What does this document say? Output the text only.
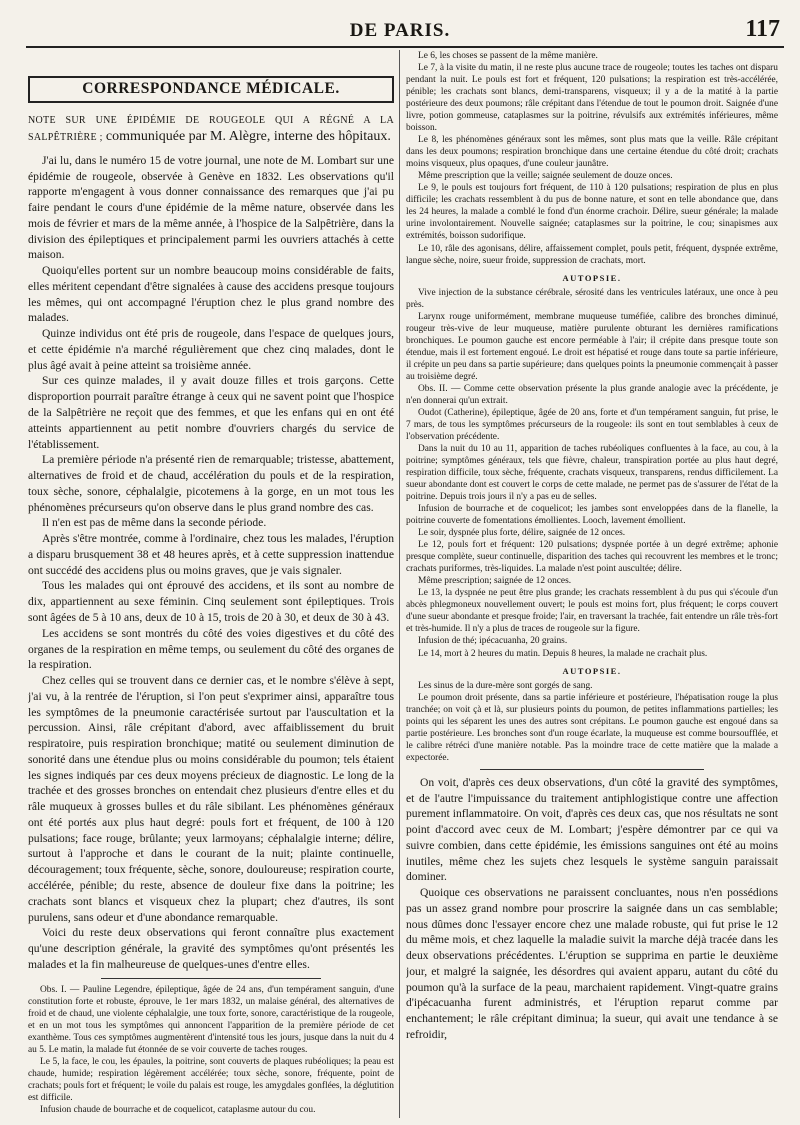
DE PARIS.	117
CORRESPONDANCE MÉDICALE.

NOTE SUR UNE ÉPIDÉMIE DE ROUGEOLE QUI A RÉGNÉ A LA SALPÊTRIÈRE ; communiquée par M. Alègre, interne des hôpitaux.

J'ai lu, dans le numéro 15 de votre journal, une note de M. Lombart sur une épidémie de rougeole, observée à Genève en 1832. Les observations qu'il rapporte m'engagent à vous donner connaissance des remarques que j'ai pu faire pendant le cours d'une épidémie de la même nature, observée dans les mois de février et mars de la même année, à l'hospice de la Salpêtrière, dans la division des épileptiques et principalement parmi les ouvriers attachés à cette maison.

Quoiqu'elles portent sur un nombre beaucoup moins considérable de faits, elles méritent cependant d'être signalées à cause des accidens presque toujours les mêmes, qui ont accompagné l'éruption chez le plus grand nombre des malades.

Quinze individus ont été pris de rougeole, dans l'espace de quelques jours, et cette épidémie n'a marché régulièrement que chez cinq malades, dont le plus âgé avait à peine atteint sa troisième année.

Sur ces quinze malades, il y avait douze filles et trois garçons. Cette disproportion pourrait paraître étrange à ceux qui ne savent point que l'hospice de la Salpêtrière ne reçoit que des femmes, et que les enfans qui en ont été atteints appartiennent au petit nombre d'ouvriers chargés du service de l'établissement.

La première période n'a présenté rien de remarquable; tristesse, abattement, alternatives de froid et de chaud, accélération du pouls et de la respiration, toux sèche, sonore, céphalalgie, picotemens à la gorge, en un mot tous les phénomènes précurseurs qu'on observe dans le plus grand nombre des cas.

Il n'en est pas de même dans la seconde période.

Après s'être montrée, comme à l'ordinaire, chez tous les malades, l'éruption a disparu brusquement 38 et 48 heures après, et à cette suppression inattendue ont succédé des accidens plus ou moins graves, que je vais signaler.

Tous les malades qui ont éprouvé des accidens, et ils sont au nombre de dix, appartiennent au sexe féminin. Cinq seulement sont épileptiques. Trois sont âgées de 5 à 10 ans, deux de 10 à 15, trois de 20 à 30, et deux de 30 à 43.

Les accidens se sont montrés du côté des voies digestives et du côté des organes de la respiration en même temps, ou seulement du côté des organes de la respiration.

Chez celles qui se trouvent dans ce dernier cas, et le nombre s'élève à sept, j'ai vu, à la rentrée de l'éruption, si l'on peut s'exprimer ainsi, apparaître tous les symptômes de la pneumonie caractérisée surtout par l'auscultation et la percussion. Ainsi, râle crépitant d'abord, avec affaiblissement du bruit respiratoire, puis respiration bronchique; matité ou seulement diminution de sonorité dans une étendue plus ou moins considérable du poumon; tels étaient les signes indiqués par ces deux moyens précieux de diagnostic. Le long de la trachée et des grosses bronches on entendait chez plusieurs d'entre elles et du râle muqueux à grosses bulles et du râle sibilant. Les phénomènes généraux ont été portés aux plus haut degré: pouls fort et fréquent, de 100 à 120 pulsations; face rouge, brûlante; yeux larmoyans; céphalalgie interne; délire, surtout à l'approche et dans le courant de la nuit; plainte continuelle, découragement; toux fréquente, sèche, sonore, douloureuse; respiration courte, accélérée, pénible; du reste, absence de douleur fixe dans la poitrine; les crachats sont blancs et visqueux chez la plupart; chez d'autres, ils sont purulens, sans odeur et d'une abondance remarquable.

Voici du reste deux observations qui feront connaître plus exactement qu'une description générale, la gravité des symptômes qu'ont présentés les malades et la fin malheureuse de quelques-unes d'entre elles.

Obs. I. — Pauline Legendre, épileptique, âgée de 24 ans, d'un tempérament sanguin, d'une constitution forte et robuste, éprouve, le 1er mars 1832, un malaise général, des alternatives de froid et de chaud, une violente céphalalgie, une toux forte, sonore, caractéristique de la rougeole, et en un mot tous les symptômes qui annoncent l'apparition de la première période de cet exanthème. Tous ces symptômes augmentèrent d'intensité tous les jours, jusque dans la nuit du 4 au 5. Le matin, la malade fut étonnée de se voir couverte de taches rouges.

Le 5, la face, le cou, les épaules, la poitrine, sont couverts de plaques rubéoliques; la peau est chaude, humide; respiration légèrement accélérée; toux sèche, sonore, fréquente, point de crachats; pouls fort et fréquent; le voile du palais est rouge, les amygdales gonflées, la déglutition est difficile.

Infusion chaude de bourrache et de coquelicot, cataplasme autour du cou.

Le 6, les choses se passent de la même manière.

Le 7, à la visite du matin, il ne reste plus aucune trace de rougeole; toutes les taches ont disparu pendant la nuit. Le pouls est fort et fréquent, 120 pulsations; la respiration est très-accélérée, pénible; les crachats sont blancs, demi-transparens, visqueux; il y a de la matité à la partie postérieure des deux poumons; râle crépitant dans l'étendue de tout le poumon droit. Saignée d'une livre, potion gommeuse, cataplasmes sur la poitrine, révulsifs aux extrémités inférieures, même boisson.

Le 8, les phénomènes généraux sont les mêmes, sont plus mats que la veille. Râle crépitant dans les deux poumons; respiration bronchique dans une certaine étendue du côté droit; crachats moins visqueux, plus opaques, d'une couleur jaunâtre.

Même prescription que la veille; saignée seulement de douze onces.

Le 9, le pouls est toujours fort fréquent, de 110 à 120 pulsations; respiration de plus en plus difficile; les crachats ressemblent à du pus de bonne nature, et sont en telle abondance que, dans les 24 heures, la malade a comblé le fond d'un énorme crachoir. Délire, sueur générale; la malade urine involontairement. Nouvelle saignée; cataplasmes sur la poitrine, le cou; sinapismes aux extrémités, boisson sudorifique.

Le 10, râle des agonisans, délire, affaissement complet, pouls petit, fréquent, dyspnée extrême, langue sèche, noire, sueur froide, suppression de crachats, mort.

AUTOPSIE.

Vive injection de la substance cérébrale, sérosité dans les ventricules latéraux, une once à peu près.

Larynx rouge uniformément, membrane muqueuse tuméfiée, calibre des bronches diminué, rougeur très-vive de leur muqueuse, matière purulente obturant les dernières ramifications bronchiques. Le poumon gauche est encore perméable à l'air; il crépite dans presque toute son étendue, mais il est fortement engoué. Le droit est hépatisé et rouge dans toute sa partie inférieure, il crépite un peu dans sa partie supérieure; dans quelques points la pneumonie commençait à passer au troisième degré.

Obs. II. — Comme cette observation présente la plus grande analogie avec la précédente, je n'en donnerai qu'un extrait.

Oudot (Catherine), épileptique, âgée de 20 ans, forte et d'un tempérament sanguin, fut prise, le 7 mars, de tous les symptômes précurseurs de la rougeole: ils sont en tout semblables à ceux de l'observation précédente.

Dans la nuit du 10 au 11, apparition de taches rubéoliques confluentes à la face, au cou, à la poitrine; symptômes généraux, tels que fièvre, chaleur, transpiration portée au plus haut degré, respiration difficile, toux sèche, fréquente, crachats visqueux, transparens, rendus difficilement. La sueur abondante dont est couvert le corps de cette malade, ne permet pas de s'assurer de l'état de la poitrine. Depuis trois jours il n'y a pas eu de selles.

Infusion de bourrache et de coquelicot; les jambes sont enveloppées dans de la flanelle, la poitrine couverte de fomentations émollientes. Looch, lavement émollient.

Le soir, dyspnée plus forte, délire, saignée de 12 onces.

Le 12, pouls fort et fréquent: 120 pulsations; dyspnée portée à un degré extrême; aphonie presque complète, sueur continuelle, disparition des taches qui recouvrent les membres et le tronc; crachats puriformes, très-liquides. La malade n'est point auscultée; délire.

Même prescription; saignée de 12 onces.

Le 13, la dyspnée ne peut être plus grande; les crachats ressemblent à du pus qui s'écoule d'un abcès phlegmoneux nouvellement ouvert; le pouls est moins fort, plus fréquent; le corps couvert d'une sueur abondante et presque froide; l'air, en traversant la trachée, fait entendre un râle très-fort et très-humide. Il n'y a plus de traces de rougeole sur la figure.

Infusion de thé; ipécacuanha, 20 grains.

Le 14, mort à 2 heures du matin. Depuis 8 heures, la malade ne crachait plus.

AUTOPSIE.

Les sinus de la dure-mère sont gorgés de sang.

Le poumon droit présente, dans sa partie inférieure et postérieure, l'hépatisation rouge la plus tranchée; on voit çà et là, sur plusieurs points du poumon, de petites inflammations partielles; les points qui les séparent les unes des autres sont crépitans. Le poumon gauche est engoué dans sa partie postérieure. Les bronches sont d'un rouge écarlate, la muqueuse est comme boursoufflée, et le calibre rétréci d'une manière notable. Pas la moindre trace de cette matière que la malade a expectorée.

On voit, d'après ces deux observations, d'un côté la gravité des symptômes, et de l'autre l'impuissance du traitement antiphlogistique contre une affection purement inflammatoire. On voit, d'après ces deux cas, que nos résultats ne sont point d'accord avec ceux de M. Lombart; j'espère démontrer par ce qui va suivre combien, dans cette épidémie, les émissions sanguines ont été au moins inutiles, même chez les sujets chez lesquels le système sanguin paraissait dominer.

Quoique ces observations ne paraissent concluantes, nous n'en possédions pas un assez grand nombre pour proscrire la saignée dans un cas semblable; nous dûmes donc l'essayer encore chez une malade robuste, qui fut prise le 12 du même mois, et chez laquelle la maladie suivit la marche déjà tracée dans les deux observations précédentes. L'éruption se supprima en partie le deuxième jour, et malgré la saignée, les désordres qui avaient apparu, autant du côté du poumon qu'à la surface de la peau, marchaient rapidement. Vingt-quatre grains d'ipécacuanha furent administrés, et l'éruption reparut comme par enchantement; le râle crépitant diminua; la sueur, qui avait une tendance à se refroidir,
